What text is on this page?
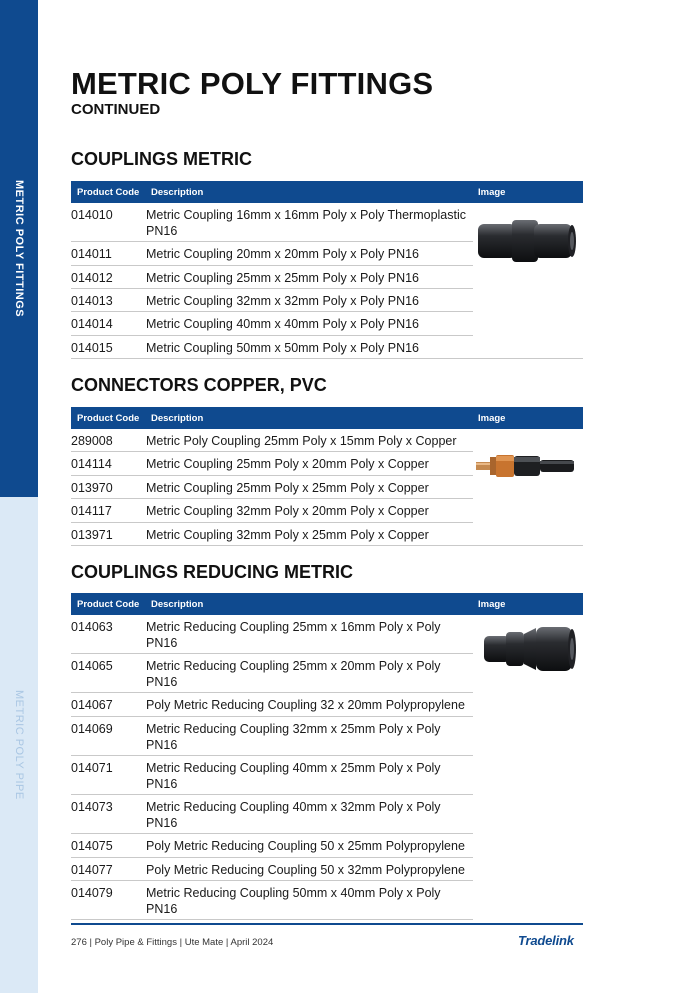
METRIC POLY FITTINGS
METRIC POLY PIPE
METRIC POLY FITTINGS
CONTINUED
COUPLINGS METRIC
Product Code Description	Image
014010	Metric Coupling 16mm x 16mm Poly x Poly Thermoplastic PN16
014011	Metric Coupling 20mm x 20mm Poly x Poly PN16
014012	Metric Coupling 25mm x 25mm Poly x Poly PN16
014013	Metric Coupling 32mm x 32mm Poly x Poly PN16
014014	Metric Coupling 40mm x 40mm Poly x Poly PN16
014015	Metric Coupling 50mm x 50mm Poly x Poly PN16
CONNECTORS COPPER, PVC
Product Code Description	Image
289008	Metric Poly Coupling 25mm Poly x 15mm Poly x Copper
014114	Metric Coupling 25mm Poly x 20mm Poly x Copper
013970	Metric Coupling 25mm Poly x 25mm Poly x Copper
014117	Metric Coupling 32mm Poly x 20mm Poly x Copper
013971	Metric Coupling 32mm Poly x 25mm Poly x Copper
COUPLINGS REDUCING METRIC
Product Code Description	Image
014063	Metric Reducing Coupling 25mm x 16mm Poly x Poly PN16
014065	Metric Reducing Coupling 25mm x 20mm Poly x Poly PN16
014067	Poly Metric Reducing Coupling 32 x 20mm Polypropylene
014069	Metric Reducing Coupling 32mm x 25mm Poly x Poly PN16
014071	Metric Reducing Coupling 40mm x 25mm Poly x Poly PN16
014073	Metric Reducing Coupling 40mm x 32mm Poly x Poly PN16
014075	Poly Metric Reducing Coupling 50 x 25mm Polypropylene
014077	Poly Metric Reducing Coupling 50 x 32mm Polypropylene
014079	Metric Reducing Coupling 50mm x 40mm Poly x Poly PN16
276 | Poly Pipe & Fittings | Ute Mate | April 2024	Tradelink
